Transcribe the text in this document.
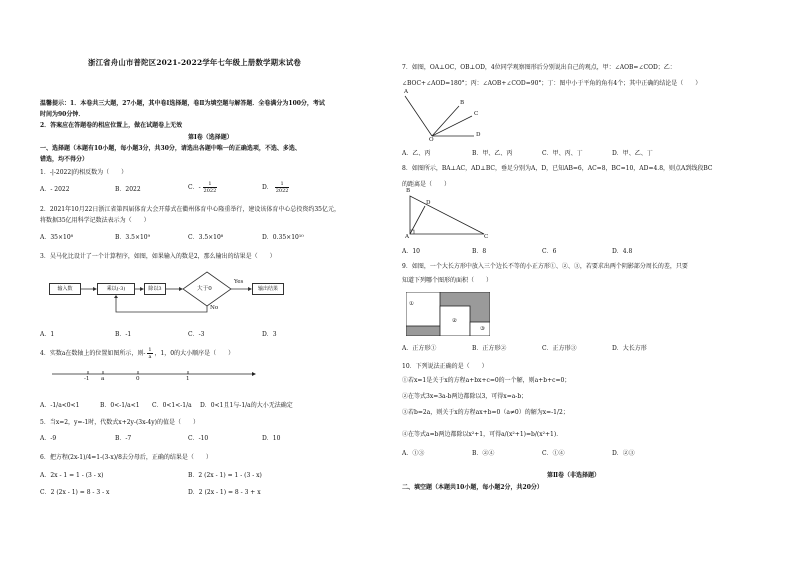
浙江省舟山市普陀区2021-2022学年七年级上册数学期末试卷
温馨提示：1．本卷共三大题，27小题，其中卷Ⅰ选择题，卷Ⅱ为填空题与解答题．全卷满分为100分，考试
时间为90分钟．
2．答案应在答题卷的相应位置上，做在试题卷上无效
第Ⅰ卷（选择题）
一、选择题（本题有10小题，每小题3分，共30分，请选出各题中唯一的正确选项，不选、多选、
错选，均不得分）
1．-|-2022|的相反数为（　　）
A．- 2022	B．2022	C．- $\frac{1}{2022}$	D． $\frac{1}{2022}$
2．2021年10月22日浙江省第四届体育大会开幕式在衢州体育中心隆重举行，建设该体育中心总投资约35亿元，
将数据35亿用科学记数法表示为（　　）
A．35×10⁸	B．3.5×10⁹	C．3.5×10⁸	D．0.35×10¹⁰
3．吴马化比设计了一个计算程序，如图，如果输入的数是2，那么输出的结果是（　　）
输入数	乘以(-3)	除以3	大于0	输出结果
Yes
No
A．1	B．-1	C．-3	D．3
4．实数a在数轴上的位置如图所示，则- $\frac{1}{a}$ ，1，0的大小顺序是（　　）
-1 a	0	1
A．-1/a<0<1	B．0<-1/a<1 C．0<1<-1/a D．0<1且1与-1/a的大小无法确定
5．当x=2，y=-1时，代数式x+2y-(3x-4y)的值是（　　）
A．-9	B．-7	C．-10	D．10
6．把方程(2x-1)/4=1-(3-x)/8去分母后，正确的结果是（　　）
A．2x - 1 = 1 - (3 - x)	B．2 (2x - 1) = 1 - (3 - x)
C．2 (2x - 1) = 8 - 3 - x	D．2 (2x - 1) = 8 - 3 + x
7．如图，OA⊥OC，OB⊥OD，4位同学观察图形后分别说出自己的观点，甲：∠AOB=∠COD；乙：
∠BOC+∠AOD=180°；丙：∠AOB+∠COD=90°；丁：图中小于平角的角有4个；其中正确的结论是（　　）
A
B
C
D
O
A．乙、丙	B．甲、乙、丙	C．甲、丙、丁	D．甲、乙、丁
8．如图所示，BA⊥AC，AD⊥BC，垂足分别为A，D，已知AB=6，AC=8，BC=10，AD=4.8，则点A到线段BC
的距离是（　　）
B
D
A	C
A．10	B．8	C．6	D．4.8
9．如图，一个大长方形中放入三个边长不等的小正方形①、②、③，若要求出两个阴影部分周长的差，只要
知道下列哪个图形的面积（　　）
①
②
③
A．正方形①	B．正方形②	C．正方形③	D．大长方形
10．下列说法正确的是（　　）
①若x=1是关于x的方程a+bx+c=0的一个解，则a+b+c=0；
②在等式3x=3a-b两边都除以3，可得x=a-b；
③若b=2a，则关于x的方程ax+b=0（a≠0）的解为x=-1/2；
④在等式a=b两边都除以x²+1，可得a/(x²+1)=b/(x²+1)．
A．①③	B．②④	C．①④	D．②③
第Ⅱ卷（非选择题）
二、填空题（本题共10小题，每小题2分，共20分）
